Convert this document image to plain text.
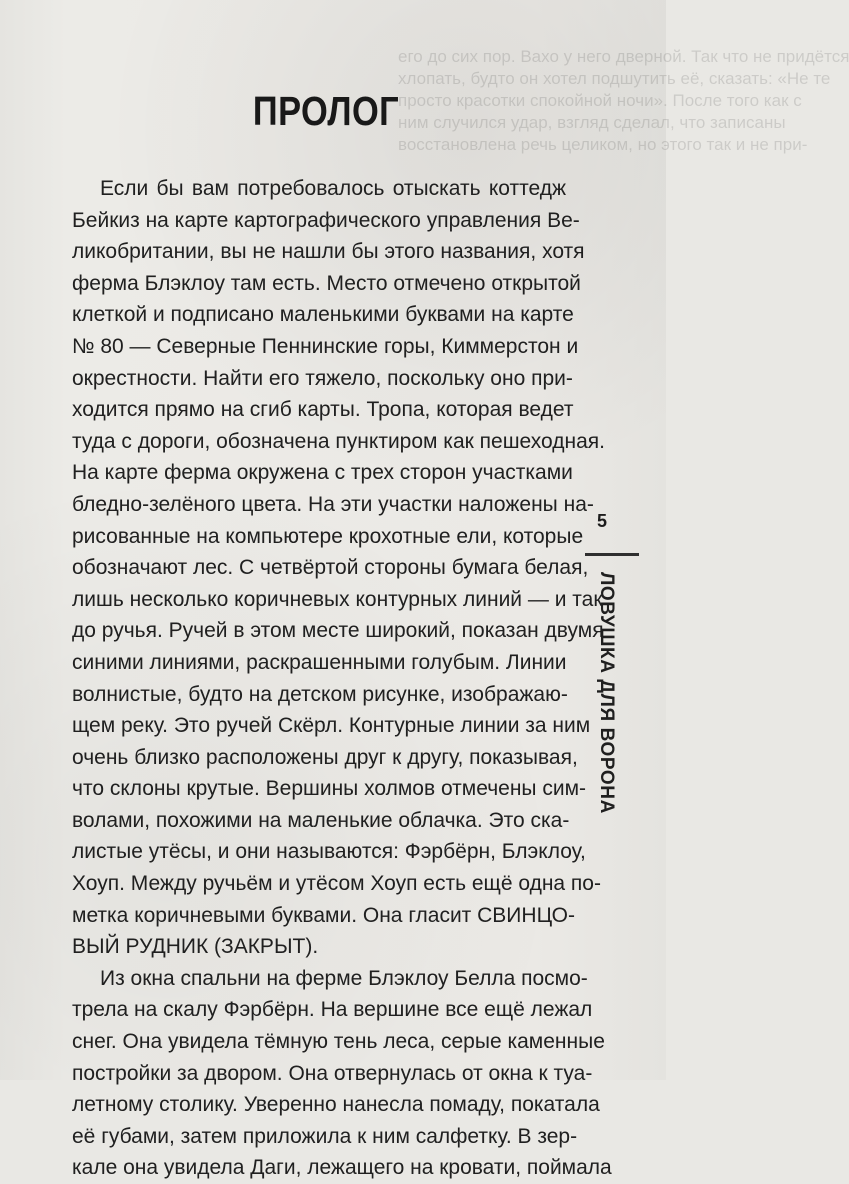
его до сих пор. Вахо у него дверной. Так что не придётся
хлопать, будто он хотел подшутить её, сказать: «Не те
просто красотки спокойной ночи». После того как с
ним случился удар, взгляд сделал, что записаны
восстановлена речь целиком, но этого так и не при-
ПРОЛОГ
Если бы вам потребовалось отыскать коттедж
Бейкиз на карте картографического управления Ве-
ликобритании, вы не нашли бы этого названия, хотя
ферма Блэклоу там есть. Место отмечено открытой
клеткой и подписано маленькими буквами на карте
№ 80 — Северные Пеннинские горы, Киммерстон и
окрестности. Найти его тяжело, поскольку оно при-
ходится прямо на сгиб карты. Тропа, которая ведет
туда с дороги, обозначена пунктиром как пешеходная.
На карте ферма окружена с трех сторон участками
бледно-зелёного цвета. На эти участки наложены на-
рисованные на компьютере крохотные ели, которые
обозначают лес. С четвёртой стороны бумага белая,
лишь несколько коричневых контурных линий — и так
до ручья. Ручей в этом месте широкий, показан двумя
синими линиями, раскрашенными голубым. Линии
волнистые, будто на детском рисунке, изображаю-
щем реку. Это ручей Скёрл. Контурные линии за ним
очень близко расположены друг к другу, показывая,
что склоны крутые. Вершины холмов отмечены сим-
волами, похожими на маленькие облачка. Это ска-
листые утёсы, и они называются: Фэрбёрн, Блэклоу,
Хоуп. Между ручьём и утёсом Хоуп есть ещё одна по-
метка коричневыми буквами. Она гласит СВИНЦО-
ВЫЙ РУДНИК (ЗАКРЫТ).
Из окна спальни на ферме Блэклоу Белла посмо-
трела на скалу Фэрбёрн. На вершине все ещё лежал
снег. Она увидела тёмную тень леса, серые каменные
постройки за двором. Она отвернулась от окна к туа-
летному столику. Уверенно нанесла помаду, покатала
её губами, затем приложила к ним салфетку. В зер-
кале она увидела Даги, лежащего на кровати, поймала
5
ЛОВУШКА ДЛЯ ВОРОНА
